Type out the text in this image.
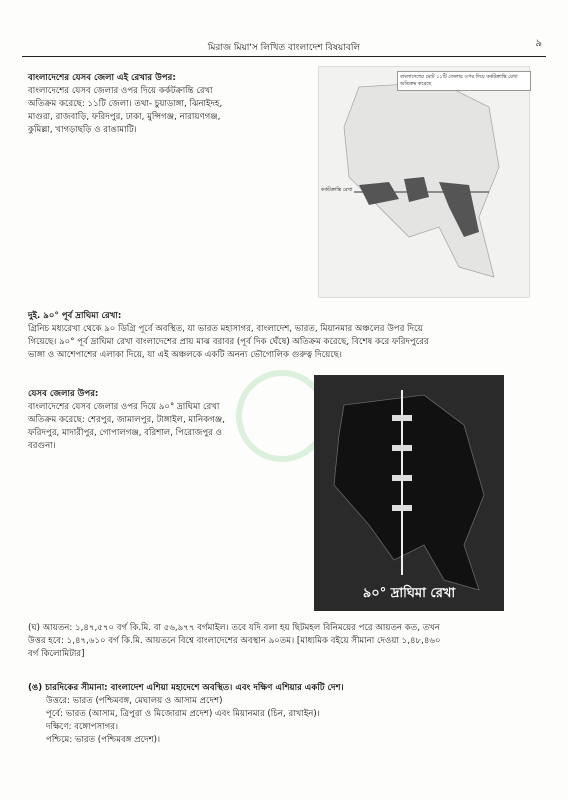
মিরাজ মিয়া'স লিখিত বাংলাদেশ বিষয়াবলি	৯
বাংলাদেশের যেসব জেলা এই রেখার উপর:
বাংলাদেশের যেসব জেলার ওপর দিয়ে কর্কটক্রান্তি রেখা
অতিক্রম করেছে: ১১টি জেলা। তথা- চুয়াডাঙ্গা, ঝিনাইদহ,
মাগুরা, রাজবাড়ি, ফরিদপুর, ঢাকা, মুন্সিগঞ্জ, নারায়ণগঞ্জ,
কুমিল্লা, খাগড়াছড়ি ও রাঙামাটি।
বাংলাদেশের মোট ১১টি জেলার ওপর দিয়ে কর্কটক্রান্তি রেখা অতিক্রম করেছে
কর্কটক্রান্তি রেখা
দুই. ৯০° পূর্ব দ্রাঘিমা রেখা:
গ্রিনিচ মধ্যরেখা থেকে ৯০ ডিগ্রি পূর্বে অবস্থিত, যা ভারত মহাসাগর, বাংলাদেশ, ভারত, মিয়ানমার অঞ্চলের উপর দিয়ে
গিয়েছে। ৯০° পূর্ব দ্রাঘিমা রেখা বাংলাদেশের প্রায় মাঝ বরাবর (পূর্ব দিক ঘেঁষে) অতিক্রম করেছে, বিশেষ করে ফরিদপুরের
ভাঙ্গা ও আশেপাশের এলাকা দিয়ে, যা এই অঞ্চলকে একটি অনন্য ভৌগোলিক গুরুত্ব দিয়েছে।
যেসব জেলার উপর:
বাংলাদেশের যেসব জেলার ওপর দিয়ে ৯০° দ্রাঘিমা রেখা
অতিক্রম করেছে: শেরপুর, জামালপুর, টাঙ্গাইল, মানিকগঞ্জ,
ফরিদপুর, মাদারীপুর, গোপালগঞ্জ, বরিশাল, পিরোজপুর ও
বরগুনা।
৯০° দ্রাঘিমা রেখা
(ঘ) আয়তন: ১,৪৭,৫৭০ বর্গ কি.মি. বা ৫৬,৯৭৭ বর্গমাইল। তবে যদি বলা হয় ছিটমহল বিনিময়ের পরে আয়তন কত, তখন
উত্তর হবে: ১,৪৭,৬১০ বর্গ কি.মি. আয়তনে বিশ্বে বাংলাদেশের অবস্থান ৯০তম। [মাধ্যমিক বইয়ে সীমানা দেওয়া ১,৪৮,৪৬০
বর্গ কিলোমিটার]
(ঙ) চারদিকের সীমানা: বাংলাদেশ এশিয়া মহাদেশে অবস্থিত। এবং দক্ষিণ এশিয়ার একটি দেশ।
উত্তরে: ভারত (পশ্চিমবঙ্গ, মেঘালয় ও আসাম প্রদেশ)
পূর্বে: ভারত (আসাম, ত্রিপুরা ও মিজোরাম প্রদেশ) এবং মিয়ানমার (চিন, রাখাইন)।
দক্ষিণে: বঙ্গোপসাগর।
পশ্চিমে: ভারত (পশ্চিমবঙ্গ প্রদেশ)।
